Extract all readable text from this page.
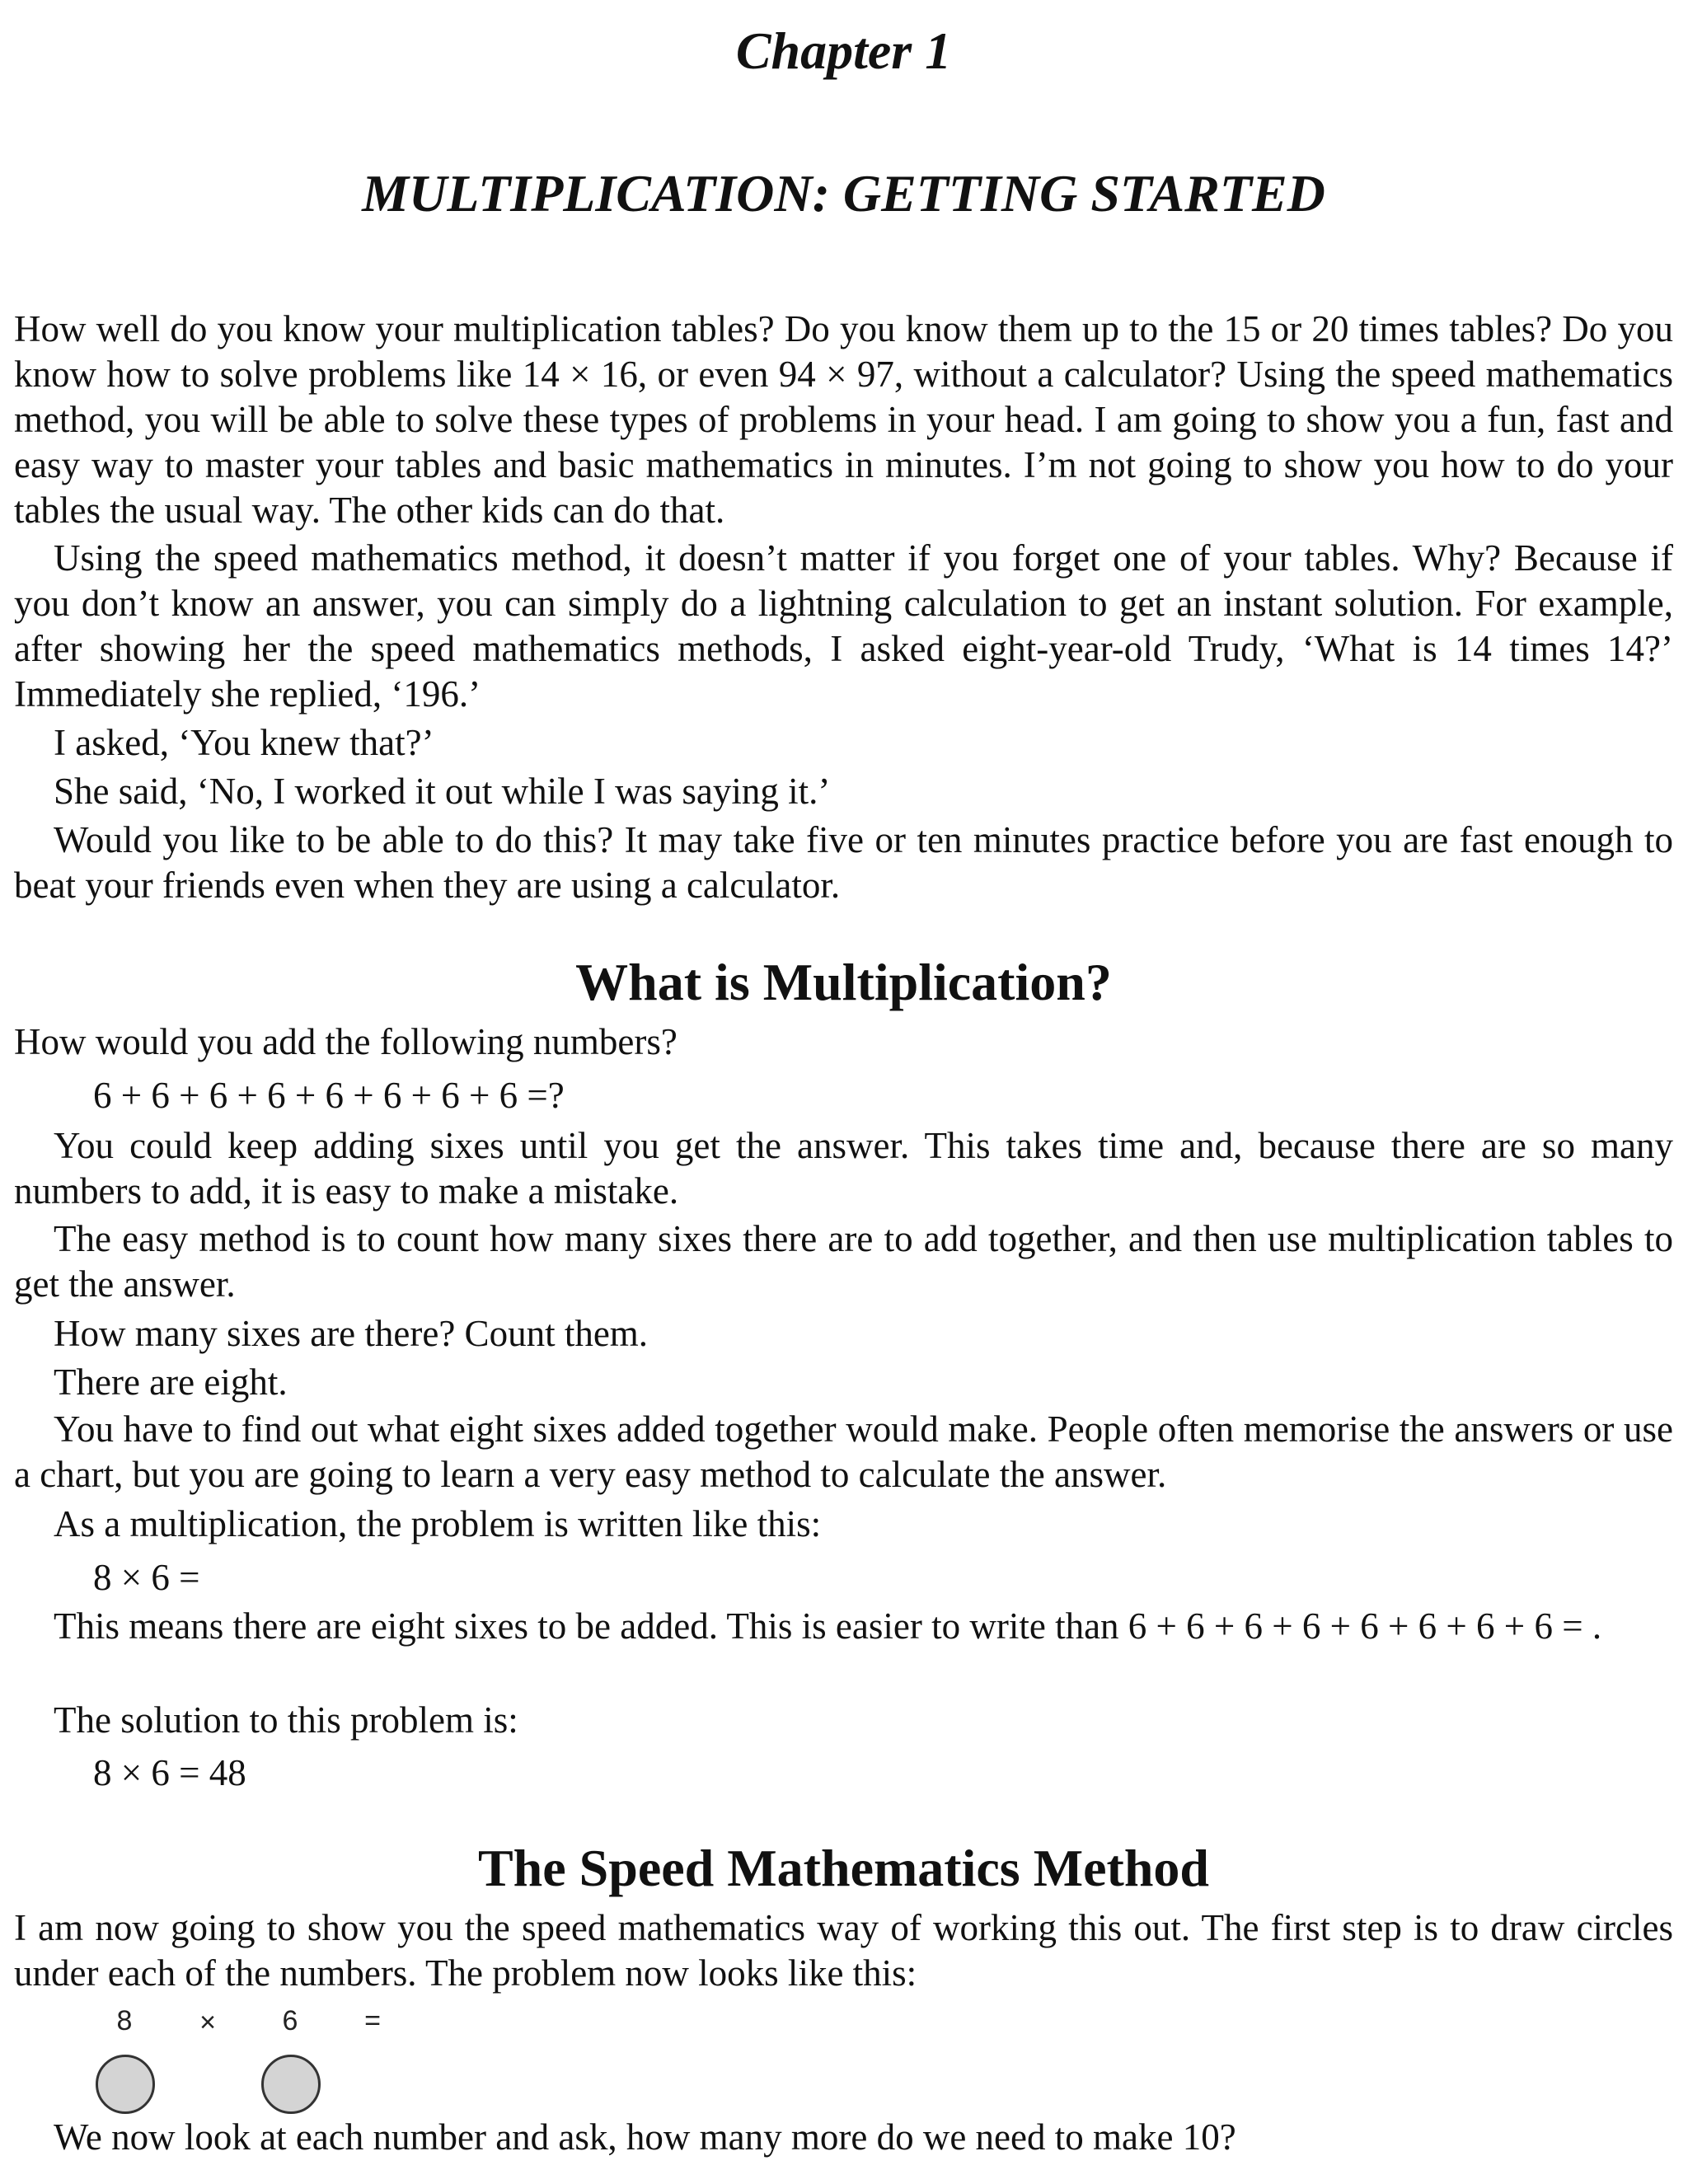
Chapter 1
MULTIPLICATION: GETTING STARTED

How well do you know your multiplication tables? Do you know them up to the 15 or 20 times tables? Do you know how to solve problems like 14 × 16, or even 94 × 97, without a calculator? Using the speed mathematics method, you will be able to solve these types of problems in your head. I am going to show you a fun, fast and easy way to master your tables and basic mathematics in minutes. I’m not going to show you how to do your tables the usual way. The other kids can do that.

Using the speed mathematics method, it doesn’t matter if you forget one of your tables. Why? Because if you don’t know an answer, you can simply do a lightning calculation to get an instant solution. For example, after showing her the speed mathematics methods, I asked eight-year-old Trudy, ‘What is 14 times 14?’ Immediately she replied, ‘196.’

I asked, ‘You knew that?’

She said, ‘No, I worked it out while I was saying it.’

Would you like to be able to do this? It may take five or ten minutes practice before you are fast enough to beat your friends even when they are using a calculator.

What is Multiplication?

How would you add the following numbers?

6 + 6 + 6 + 6 + 6 + 6 + 6 + 6 =?

You could keep adding sixes until you get the answer. This takes time and, because there are so many numbers to add, it is easy to make a mistake.

The easy method is to count how many sixes there are to add together, and then use multiplication tables to get the answer.

How many sixes are there? Count them.

There are eight.

You have to find out what eight sixes added together would make. People often memorise the answers or use a chart, but you are going to learn a very easy method to calculate the answer.

As a multiplication, the problem is written like this:

8 × 6 =

This means there are eight sixes to be added. This is easier to write than 6 + 6 + 6 + 6 + 6 + 6 + 6 + 6 = .

The solution to this problem is:

8 × 6 = 48
The Speed Mathematics Method

I am now going to show you the speed mathematics way of working this out. The first step is to draw circles under each of the numbers. The problem now looks like this:

8	×	6	=

We now look at each number and ask, how many more do we need to make 10?
